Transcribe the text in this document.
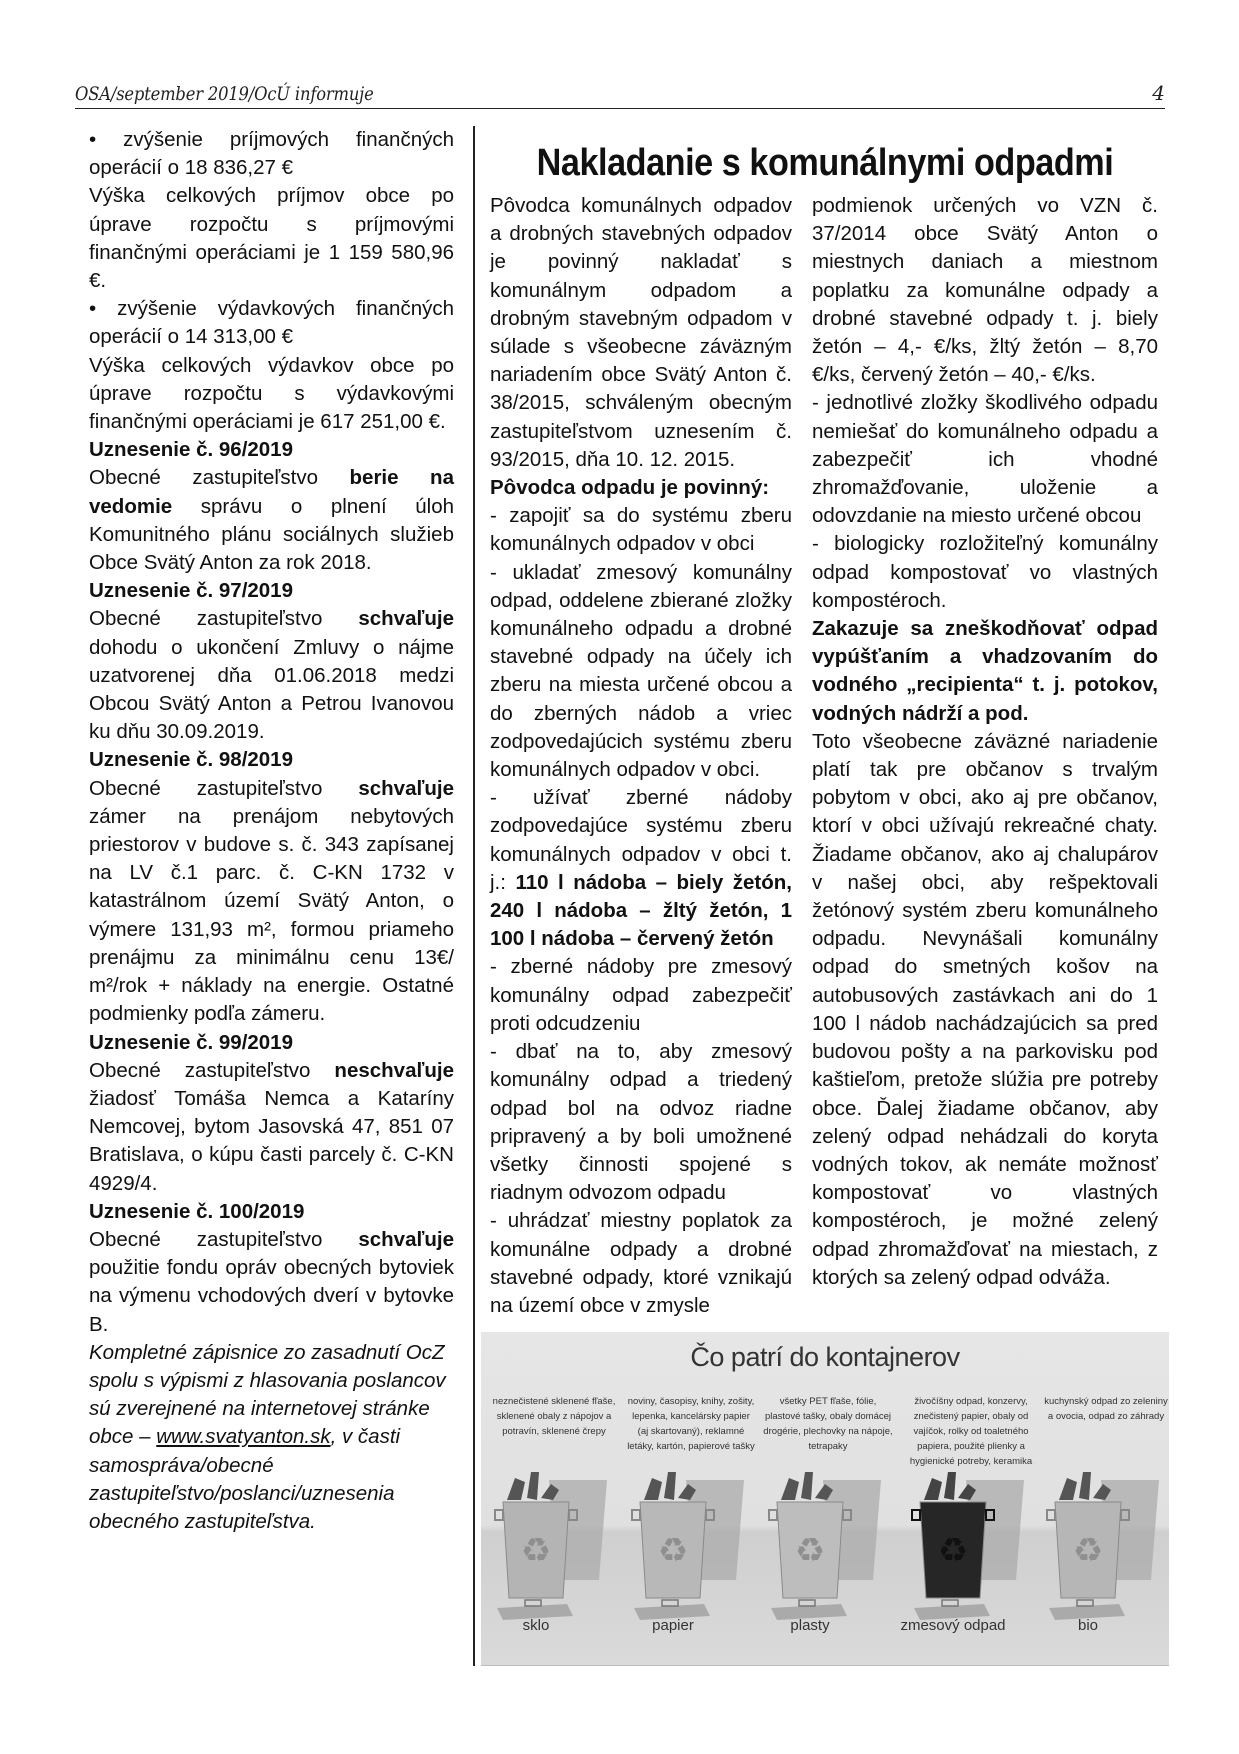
OSA/september 2019/OcÚ informuje	4

• zvýšenie príjmových finančných operácií o 18 836,27 €

Výška celkových príjmov obce po úprave rozpočtu s príjmovými finančnými operáciami je 1 159 580,96 €.

• zvýšenie výdavkových finančných operácií o 14 313,00 €

Výška celkových výdavkov obce po úprave rozpočtu s výdavkovými finančnými operáciami je 617 251,00 €.

Uznesenie č. 96/2019

Obecné zastupiteľstvo berie na vedomie správu o plnení úloh Komunitného plánu sociálnych služieb Obce Svätý Anton za rok 2018.

Uznesenie č. 97/2019

Obecné zastupiteľstvo schvaľuje dohodu o ukončení Zmluvy o nájme uzatvorenej dňa 01.06.2018 medzi Obcou Svätý Anton a Petrou Ivanovou ku dňu 30.09.2019.

Uznesenie č. 98/2019

Obecné zastupiteľstvo schvaľuje zámer na prenájom nebytových priestorov v budove s. č. 343 zapísanej na LV č.1 parc. č. C-KN 1732 v katastrálnom území Svätý Anton, o výmere 131,93 m², formou priameho prenájmu za minimálnu cenu 13€/ m²/rok + náklady na energie. Ostatné podmienky podľa zámeru.

Uznesenie č. 99/2019

Obecné zastupiteľstvo neschvaľuje žiadosť Tomáša Nemca a Kataríny Nemcovej, bytom Jasovská 47, 851 07 Bratislava, o kúpu časti parcely č. C-KN 4929/4.

Uznesenie č. 100/2019

Obecné zastupiteľstvo schvaľuje použitie fondu opráv obecných bytoviek na výmenu vchodových dverí v bytovke B.

Kompletné zápisnice zo zasadnutí OcZ spolu s výpismi z hlasovania poslancov sú zverejnené na internetovej stránke obce – www.svatyanton.sk, v časti samospráva/obecné zastupiteľstvo/poslanci/uznesenia obecného zastupiteľstva.

Nakladanie s komunálnymi odpadmi

Pôvodca komunálnych odpadov a drobných stavebných odpadov je povinný nakladať s komunálnym odpadom a drobným stavebným odpadom v súlade s všeobecne záväzným nariadením obce Svätý Anton č. 38/2015, schváleným obecným zastupiteľstvom uznesením č. 93/2015, dňa 10. 12. 2015.

Pôvodca odpadu je povinný:

- zapojiť sa do systému zberu komunálnych odpadov v obci

- ukladať zmesový komunálny odpad, oddelene zbierané zložky komunálneho odpadu a drobné stavebné odpady na účely ich zberu na miesta určené obcou a do zberných nádob a vriec zodpovedajúcich systému zberu komunálnych odpadov v obci.

- užívať zberné nádoby zodpovedajúce systému zberu komunálnych odpadov v obci t. j.: 110 l nádoba – biely žetón, 240 l nádoba – žltý žetón, 1 100 l nádoba – červený žetón

- zberné nádoby pre zmesový komunálny odpad zabezpečiť proti odcudzeniu

- dbať na to, aby zmesový komunálny odpad a triedený odpad bol na odvoz riadne pripravený a by boli umožnené všetky činnosti spojené s riadnym odvozom odpadu

- uhrádzať miestny poplatok za komunálne odpady a drobné stavebné odpady, ktoré vznikajú na území obce v zmysle

podmienok určených vo VZN č. 37/2014 obce Svätý Anton o miestnych daniach a miestnom poplatku za komunálne odpady a drobné stavebné odpady t. j. biely žetón – 4,- €/ks, žltý žetón – 8,70 €/ks, červený žetón – 40,- €/ks.

- jednotlivé zložky škodlivého odpadu nemiešať do komunálneho odpadu a zabezpečiť ich vhodné zhromažďovanie, uloženie a odovzdanie na miesto určené obcou

- biologicky rozložiteľný komunálny odpad kompostovať vo vlastných kompostéroch.

Zakazuje sa zneškodňovať odpad vypúšťaním a vhadzovaním do vodného „recipienta“ t. j. potokov, vodných nádrží a pod.

Toto všeobecne záväzné nariadenie platí tak pre občanov s trvalým pobytom v obci, ako aj pre občanov, ktorí v obci užívajú rekreačné chaty. Žiadame občanov, ako aj chalupárov v našej obci, aby rešpektovali žetónový systém zberu komunálneho odpadu. Nevynášali komunálny odpad do smetných košov na autobusových zastávkach ani do 1 100 l nádob nachádzajúcich sa pred budovou pošty a na parkovisku pod kaštieľom, pretože slúžia pre potreby obce. Ďalej žiadame občanov, aby zelený odpad nehádzali do koryta vodných tokov, ak nemáte možnosť kompostovať vo vlastných kompostéroch, je možné zelený odpad zhromažďovať na miestach, z ktorých sa zelený odpad odváža.

Čo patrí do kontajnerov
neznečistené sklenené fľaše, sklenené obaly z nápojov a potravín, sklenené črepy
♻
sklo
noviny, časopisy, knihy, zošity, lepenka, kancelársky papier (aj skartovaný), reklamné letáky, kartón, papierové tašky
♻
papier
všetky PET fľaše, fólie, plastové tašky, obaly domácej drogérie, plechovky na nápoje, tetrapaky
♻
plasty
živočíšny odpad, konzervy, znečistený papier, obaly od vajíčok, rolky od toaletného papiera, použité plienky a hygienické potreby, keramika
♻
zmesový odpad
kuchynský odpad zo zeleniny a ovocia, odpad zo záhrady
♻
bio
